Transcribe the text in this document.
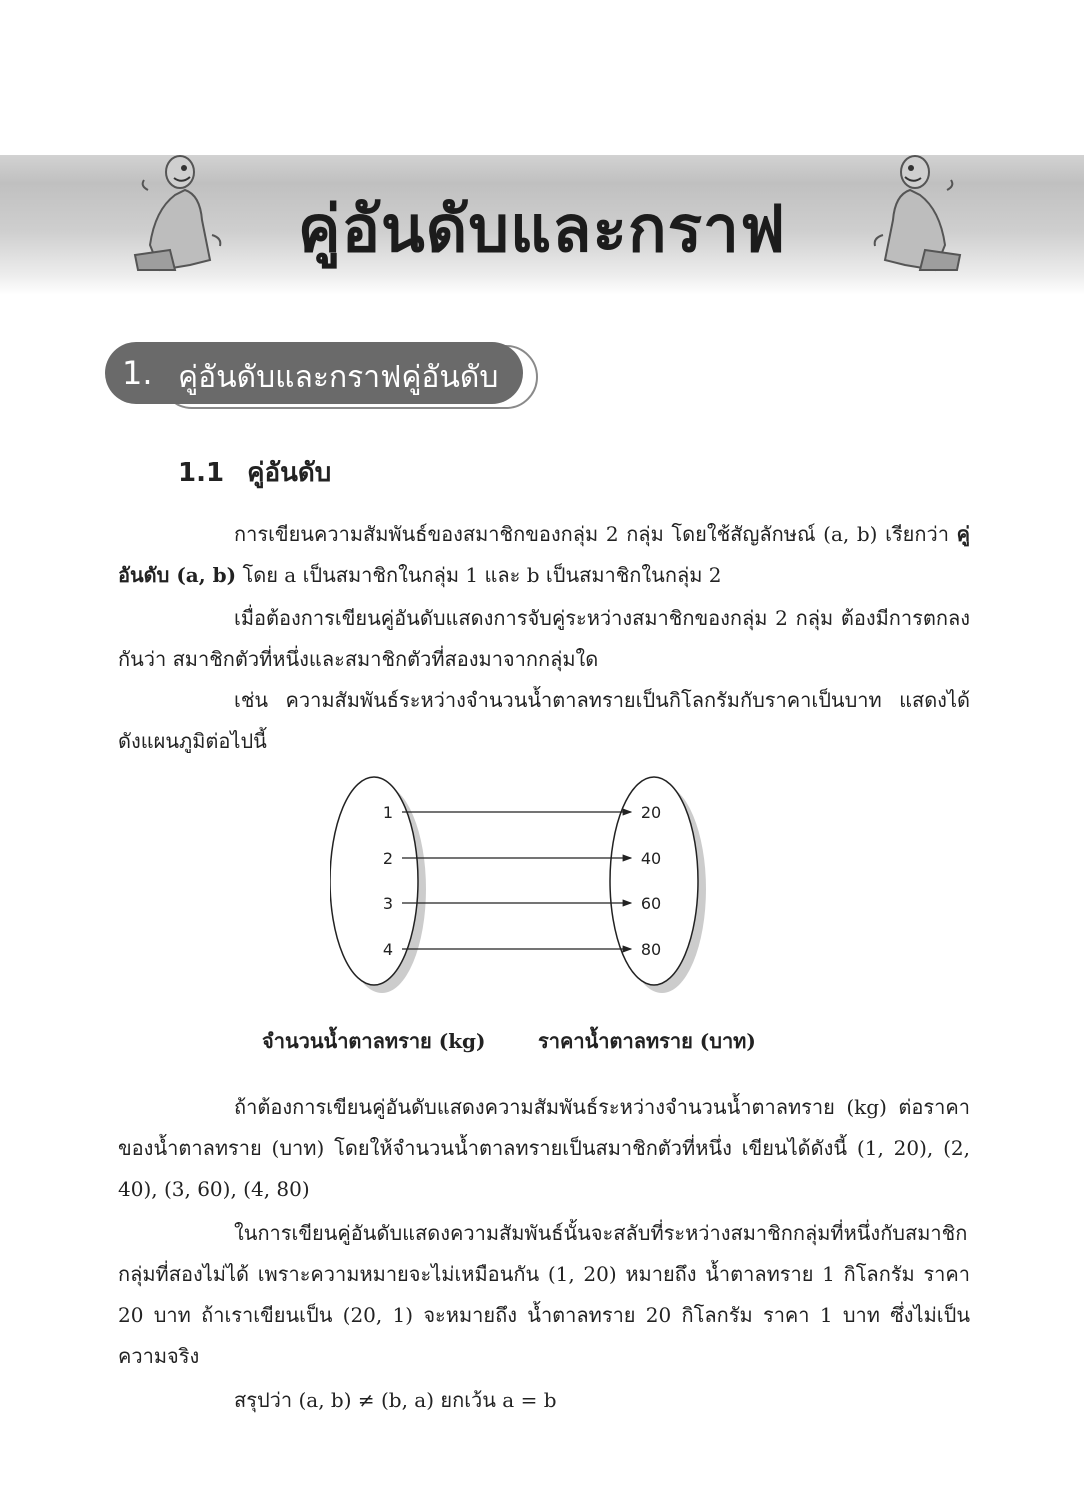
คู่อันดับและกราฟ
1. คู่อันดับและกราฟคู่อันดับ
1.1 คู่อันดับ
การเขียนความสัมพันธ์ของสมาชิกของกลุ่ม 2 กลุ่ม โดยใช้สัญลักษณ์ (a, b) เรียกว่า คู่อันดับ (a, b) โดย a เป็นสมาชิกในกลุ่ม 1 และ b เป็นสมาชิกในกลุ่ม 2
เมื่อต้องการเขียนคู่อันดับแสดงการจับคู่ระหว่างสมาชิกของกลุ่ม 2 กลุ่ม ต้องมีการตกลงกันว่า สมาชิกตัวที่หนึ่งและสมาชิกตัวที่สองมาจากกลุ่มใด
เช่น ความสัมพันธ์ระหว่างจำนวนน้ำตาลทรายเป็นกิโลกรัมกับราคาเป็นบาท แสดงได้ดังแผนภูมิต่อไปนี้
1	20
2	40
3	60
4	80
จำนวนน้ำตาลทราย (kg)	ราคาน้ำตาลทราย (บาท)
ถ้าต้องการเขียนคู่อันดับแสดงความสัมพันธ์ระหว่างจำนวนน้ำตาลทราย (kg) ต่อราคาของน้ำตาลทราย (บาท) โดยให้จำนวนน้ำตาลทรายเป็นสมาชิกตัวที่หนึ่ง เขียนได้ดังนี้ (1, 20), (2, 40), (3, 60), (4, 80)
ในการเขียนคู่อันดับแสดงความสัมพันธ์นั้นจะสลับที่ระหว่างสมาชิกกลุ่มที่หนึ่งกับสมาชิกกลุ่มที่สองไม่ได้ เพราะความหมายจะไม่เหมือนกัน (1, 20) หมายถึง น้ำตาลทราย 1 กิโลกรัม ราคา 20 บาท ถ้าเราเขียนเป็น (20, 1) จะหมายถึง น้ำตาลทราย 20 กิโลกรัม ราคา 1 บาท ซึ่งไม่เป็นความจริง
สรุปว่า (a, b) ≠ (b, a) ยกเว้น a = b
